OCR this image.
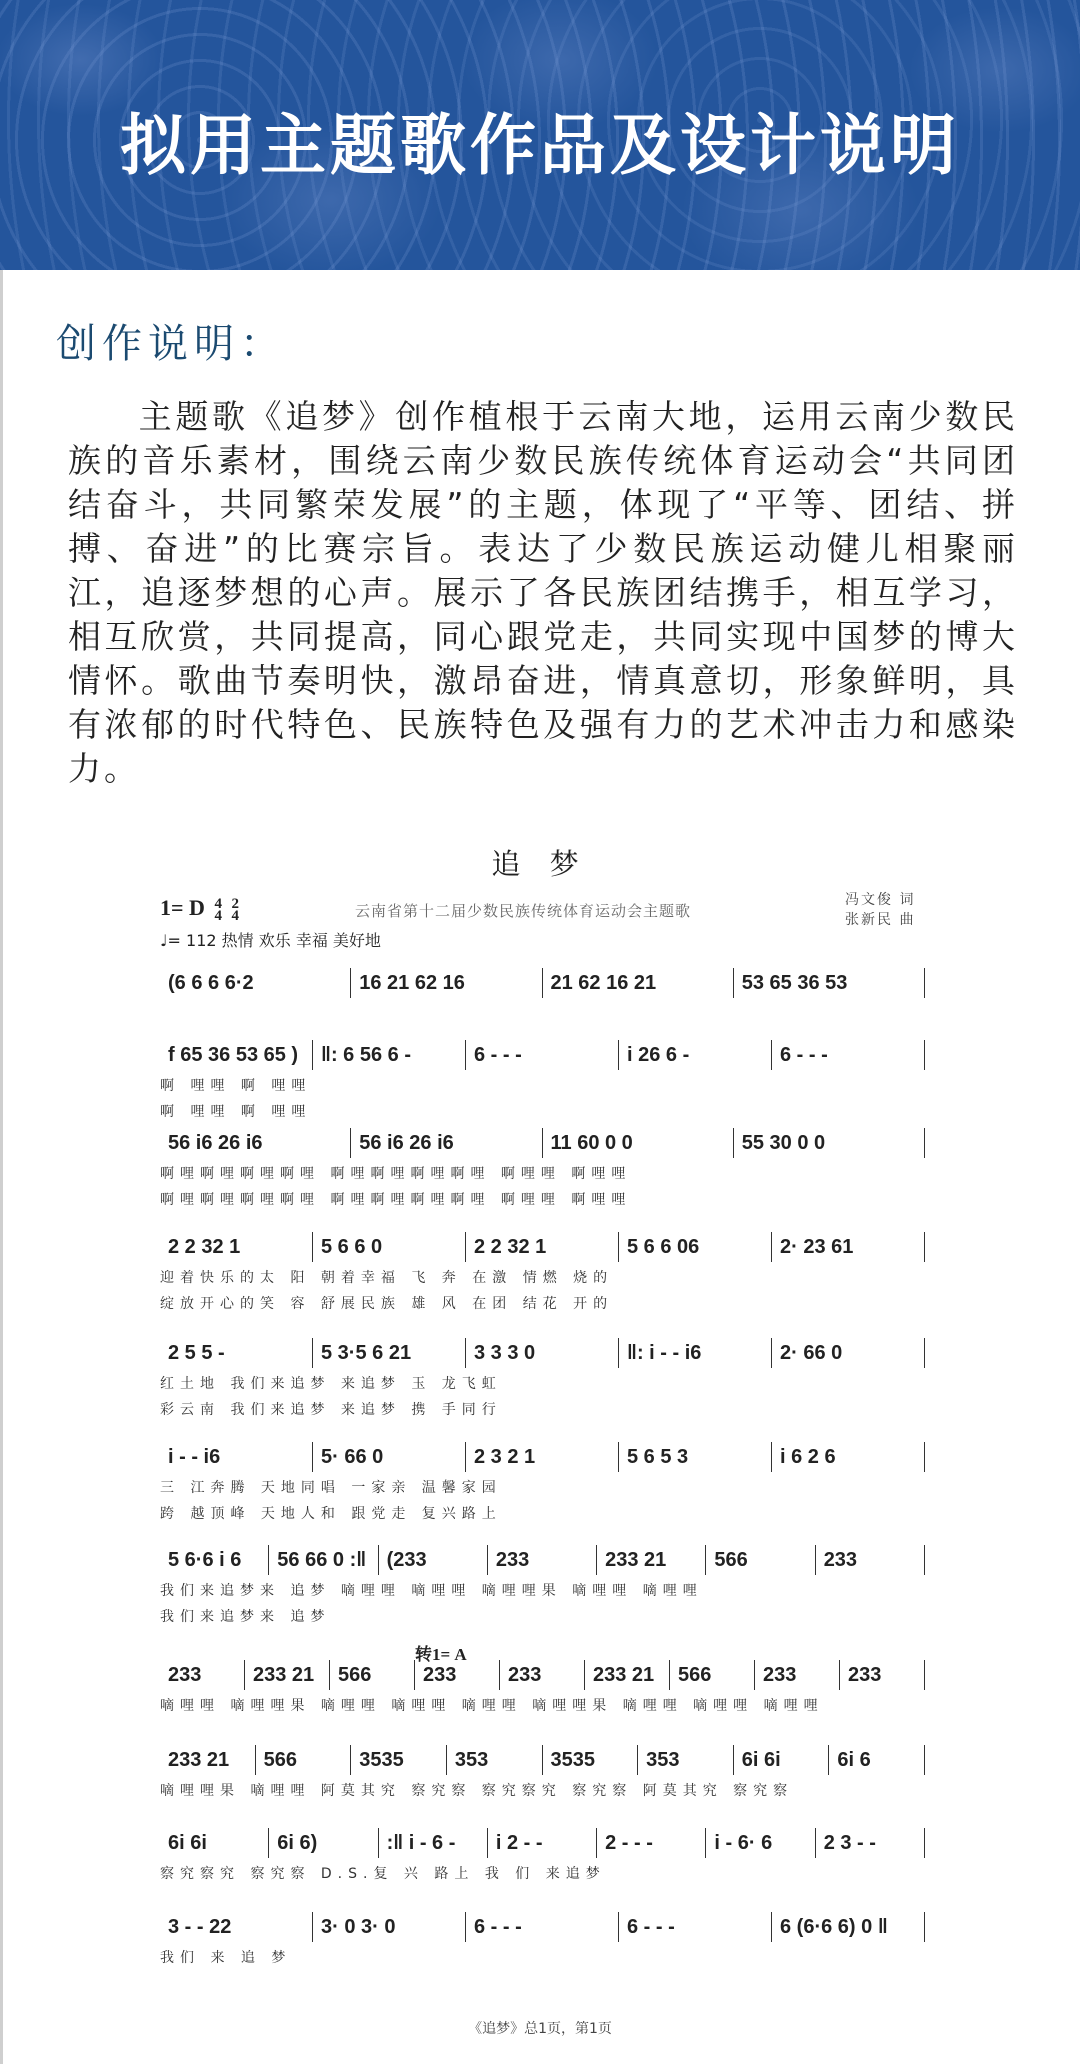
拟用主题歌作品及设计说明
创作说明：
主题歌《追梦》创作植根于云南大地，运用云南少数民族的音乐素材，围绕云南少数民族传统体育运动会“共同团结奋斗，共同繁荣发展”的主题，体现了“平等、团结、拼搏、奋进”的比赛宗旨。表达了少数民族运动健儿相聚丽江，追逐梦想的心声。展示了各民族团结携手，相互学习，相互欣赏，共同提高，同心跟党走，共同实现中国梦的博大情怀。歌曲节奏明快，激昂奋进，情真意切，形象鲜明，具有浓郁的时代特色、民族特色及强有力的艺术冲击力和感染力。
追 梦
1= D 4
4 2
4
♩= 112 热情 欢乐 幸福 美好地
云南省第十二届少数民族传统体育运动会主题歌
冯文俊 词
张新民 曲
(6 6 6 6·2	16 21 62 16	21 62 16 21	53 65 36 53
f 65 36 53 65 )	‖: 6 56 6 -	6 - - -	i 26 6 -	6 - - -
啊 哩哩 啊 哩哩
啊 哩哩 啊 哩哩
56 i6 26 i6	56 i6 26 i6	11 60 0 0	55 30 0 0
啊哩啊哩啊哩啊哩 啊哩啊哩啊哩啊哩 啊哩哩 啊哩哩
啊哩啊哩啊哩啊哩 啊哩啊哩啊哩啊哩 啊哩哩 啊哩哩
2 2 32 1	5 6 6 0	2 2 32 1	5 6 6 06	2· 23 61
迎着快乐的太 阳 朝着幸福 飞 奔 在激 情燃 烧的
绽放开心的笑 容 舒展民族 雄 风 在团 结花 开的
2 5 5 -	5 3·5 6 21	3 3 3 0	‖: i - - i6	2· 66 0
红土地 我们来追梦 来追梦 玉 龙飞虹
彩云南 我们来追梦 来追梦 携 手同行
i - - i6	5· 66 0	2 3 2 1	5 6 5 3	i 6 2 6
三 江奔腾 天地同唱 一家亲 温馨家园
跨 越顶峰 天地人和 跟党走 复兴路上
5 6·6 i 6	56 66 0 :‖	(233	233	233 21	566	233
我们来追梦来 追梦 嘀哩哩 嘀哩哩 嘀哩哩果 嘀哩哩 嘀哩哩
我们来追梦来 追梦
233	233 21	566	233	233	233 21	566	233	233
嘀哩哩 嘀哩哩果 嘀哩哩 嘀哩哩 嘀哩哩 嘀哩哩果 嘀哩哩 嘀哩哩 嘀哩哩
233 21	566	3535	353	3535	353	6i 6i	6i 6
嘀哩哩果 嘀哩哩 阿莫其究 察究察 察究察究 察究察 阿莫其究 察究察
6i 6i	6i 6)	:‖ i - 6 -	i 2 - -	2 - - -	i - 6· 6	2 3 - -
察究察究 察究察 D.S.复 兴 路上 我 们 来追梦
3 - - 22	3· 0 3· 0	6 - - -	6 - - -	6 (6·6 6) 0 ‖
我们 来 追 梦
转1= A
《追梦》总1页，第1页
